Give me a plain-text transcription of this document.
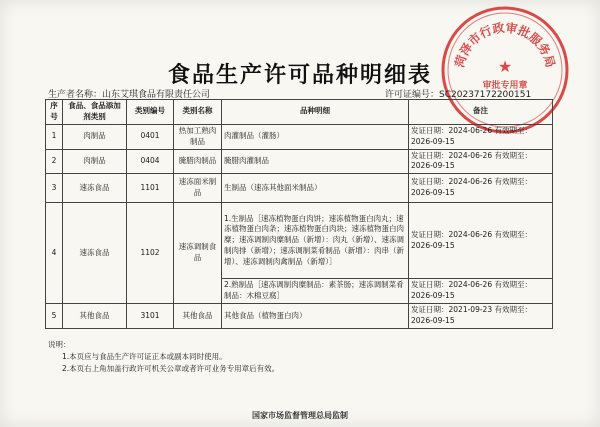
菏泽市行政审批服务局
★
审批专用章
食品生产许可品种明细表
生产者名称：山东艾琪食品有限责任公司	许可证编号：SC20237172200151
序号	食品、食品添加剂类别	类别编号	类别名称	品种明细	备注
1	肉制品	0401	热加工熟肉制品	肉灌制品（灌肠）	发证日期：2024-06-26 有效期至：2026-09-15
2	肉制品	0404	腌腊肉制品	腌腊肉灌制品	发证日期：2024-06-26 有效期至：2026-09-15
3	速冻食品	1101	速冻面米制品	生制品（速冻其他面米制品）	发证日期：2024-06-26 有效期至：2026-09-15
4	速冻食品	1102	速冻调制食品	1.生制品［速冻植物蛋白肉饼；速冻植物蛋白肉丸；速冻植物蛋白肉条；速冻植物蛋白肉块；速冻植物蛋白肉糜；速冻调制肉糜制品（新增）：肉丸（新增）、速冻调制肉排（新增）；速冻调制菜肴制品（新增）：肉串（新增）、速冻调制肉禽制品（新增）］	发证日期：2024-06-26 有效期至：2026-09-15
				2.熟制品［速冻调制肉糜制品：素茶肠；速冻调制菜肴制品：木棉豆腐］	发证日期：2024-06-26 有效期至：2026-09-15
5	其他食品	3101	其他食品	其他食品（植物蛋白肉）	发证日期：2021-09-23 有效期至：2026-09-15
说明：
1.本页应与食品生产许可证正本或副本同时使用。
2.本页右上角加盖行政许可机关公章或者许可业务专用章后有效。
国家市场监督管理总局监制
